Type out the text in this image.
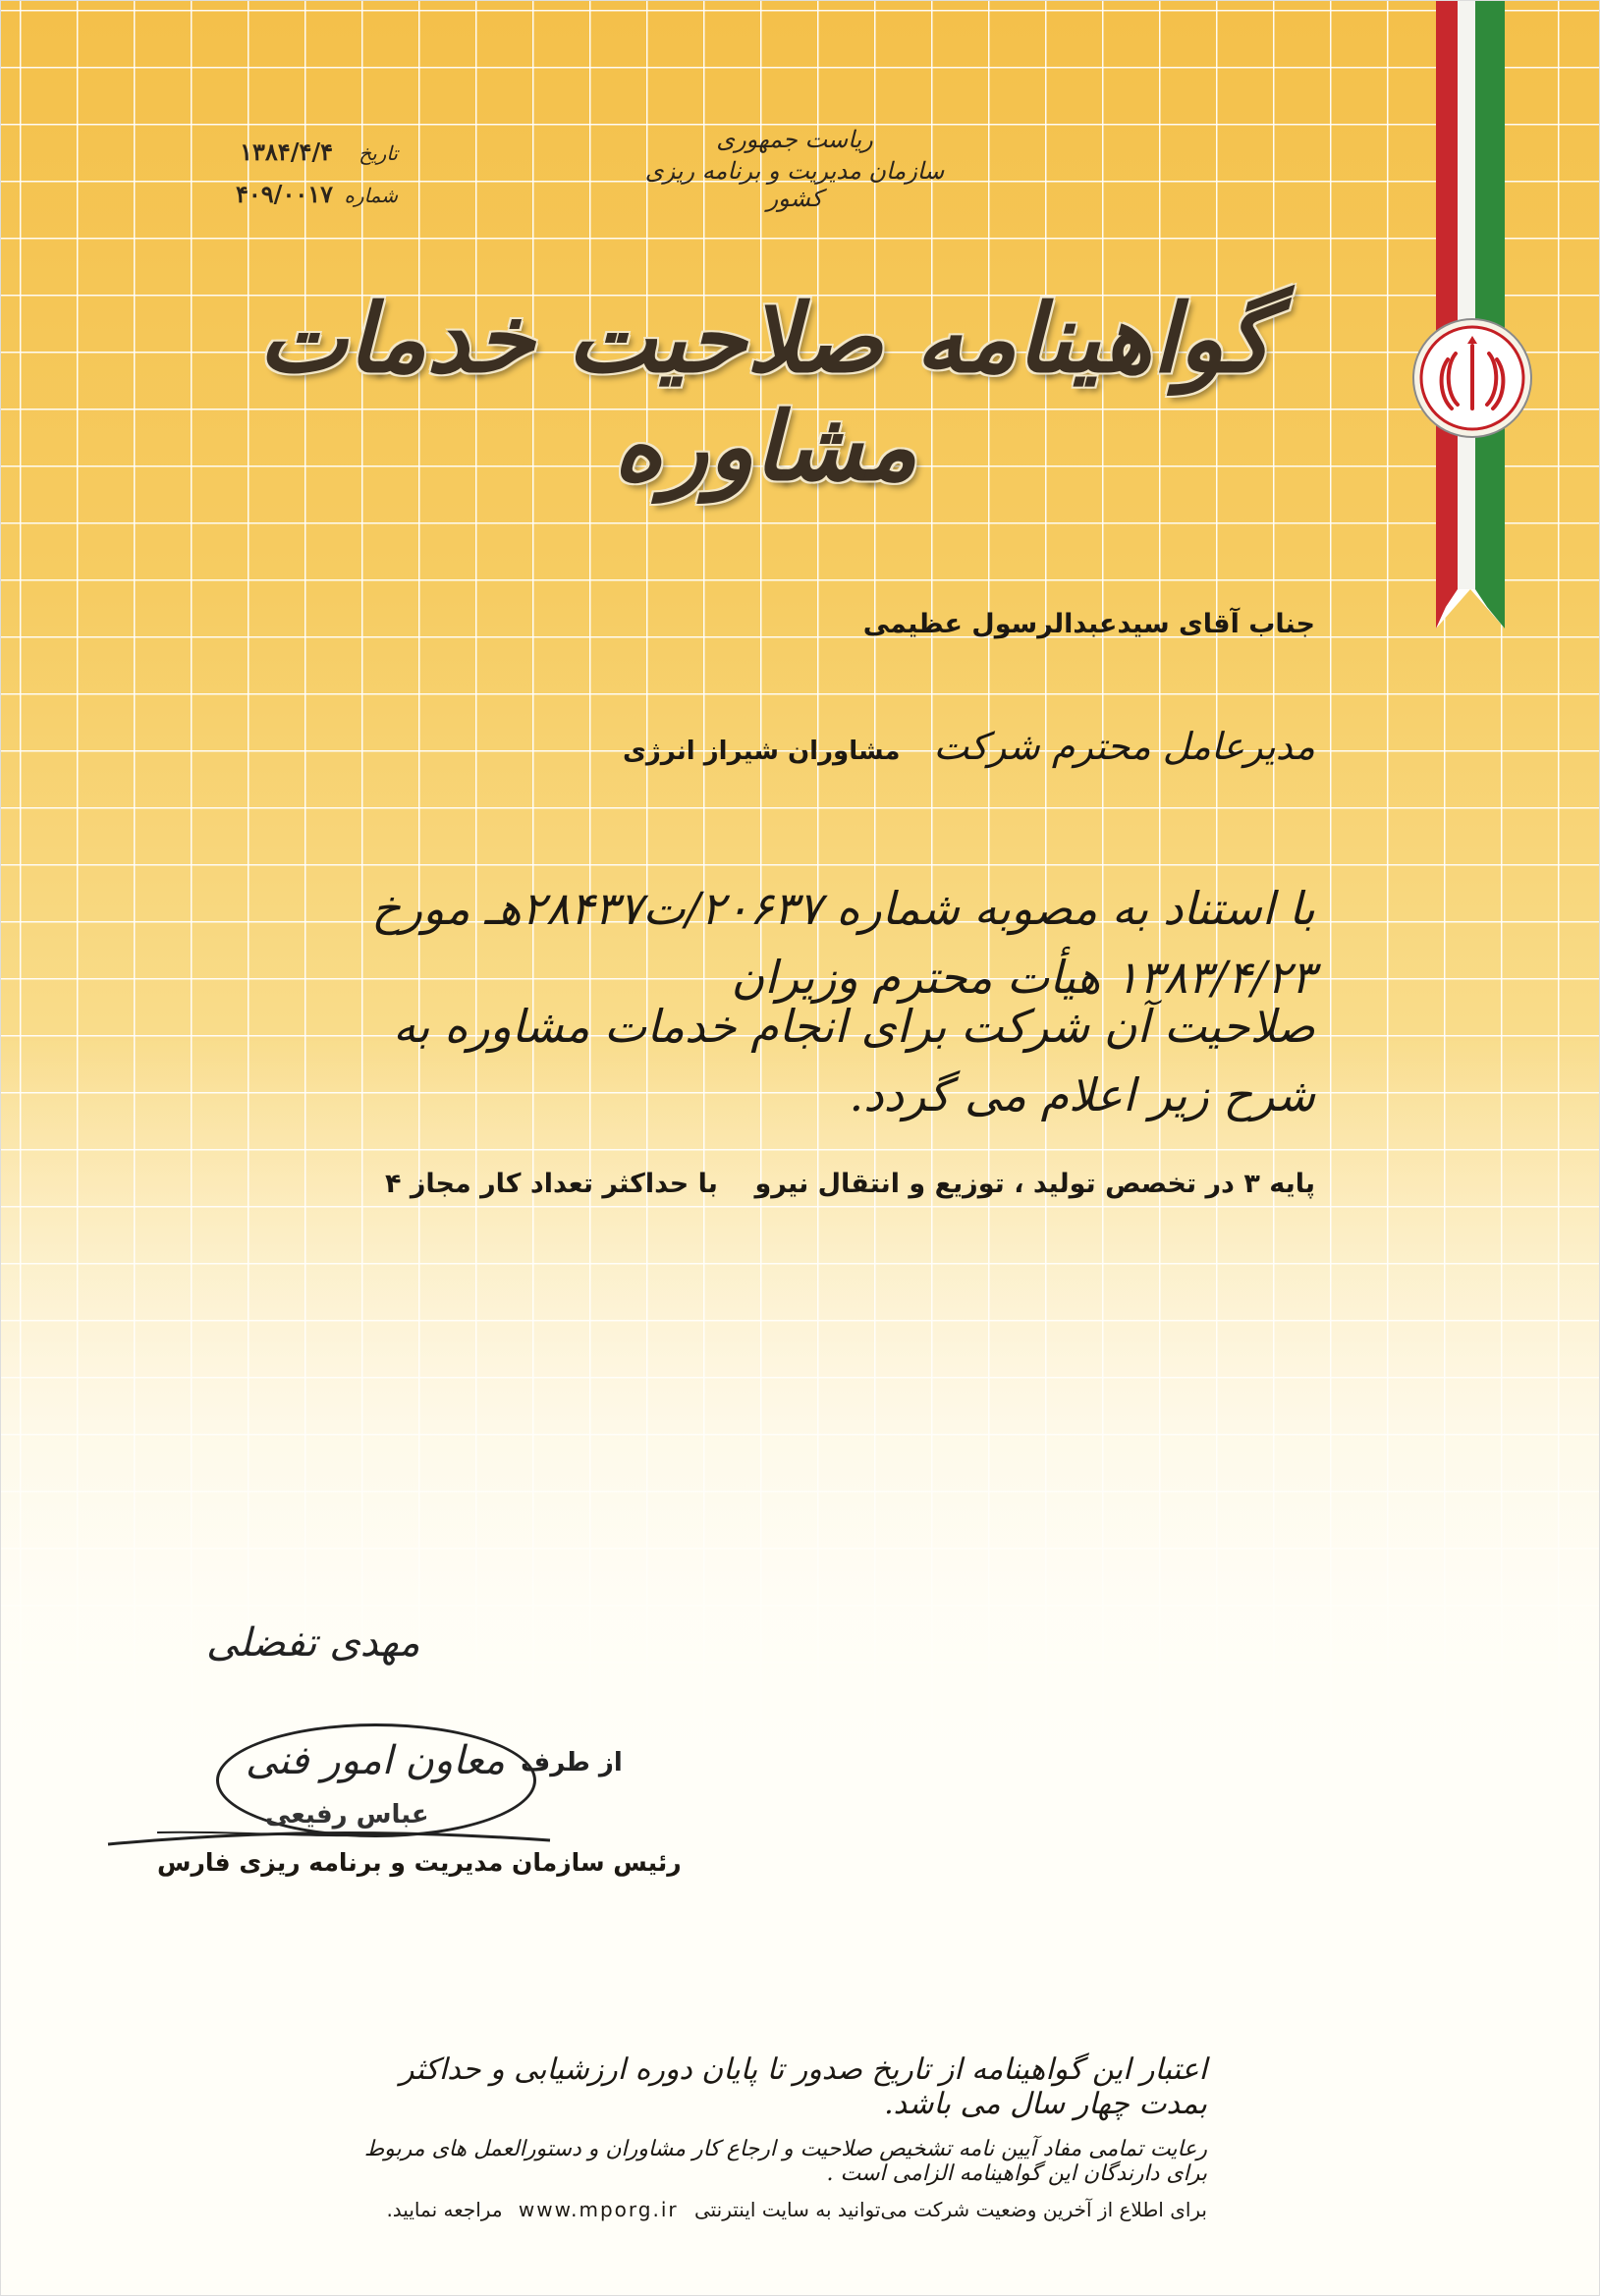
ریاست جمهوری
سازمان مدیریت و برنامه ریزی کشور
تاریخ
۱۳۸۴/۴/۴
شماره
۴۰۹/۰۰۱۷
گواهینامه صلاحیت خدمات مشاوره
جناب آقای سیدعبدالرسول عظیمی
مدیرعامل محترم شرکت
مشاوران شیراز انرژی
با استناد به مصوبه شماره ۲۰۶۳۷/ت۲۸۴۳۷هـ مورخ ۱۳۸۳/۴/۲۳ هیأت محترم وزیران
صلاحیت آن شرکت برای انجام خدمات مشاوره به شرح زیر اعلام می گردد.
پایه ۳ در تخصص تولید ، توزیع و انتقال نیرو    با حداکثر تعداد کار مجاز ۴
مهدی تفضلی
معاون امور فنی از طرف
عباس رفیعی
رئیس سازمان مدیریت و برنامه ریزی فارس
اعتبار این گواهینامه از تاریخ صدور تا پایان دوره ارزشیابی و حداکثر بمدت چهار سال می باشد.
رعایت تمامی مفاد آیین نامه تشخیص صلاحیت و ارجاع کار مشاوران و دستورالعمل های مربوط برای دارندگان این گواهینامه الزامی است .
برای اطلاع از آخرین وضعیت شرکت می‌توانید به سایت اینترنتی www.mporg.ir مراجعه نمایید.
